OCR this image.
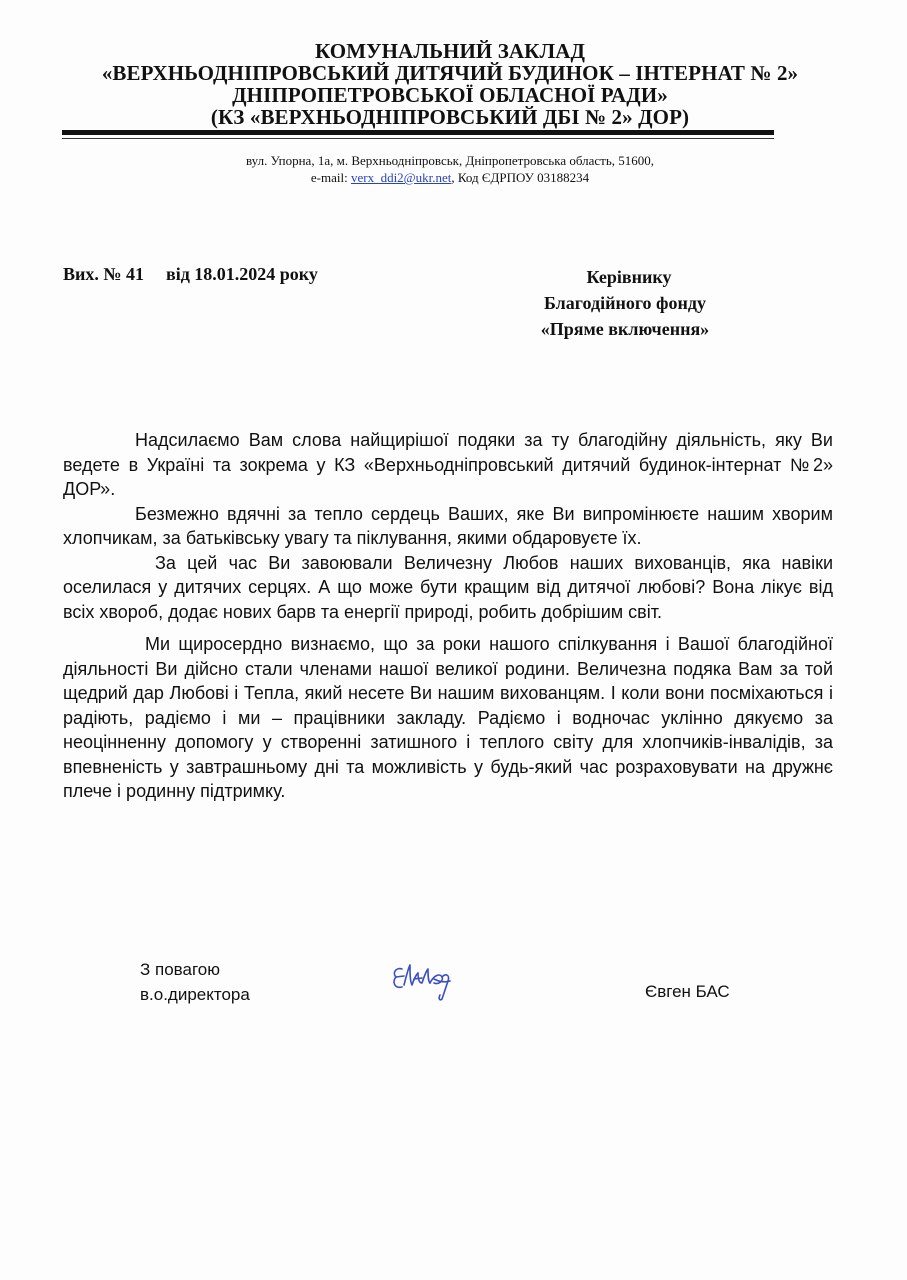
КОМУНАЛЬНИЙ ЗАКЛАД
«ВЕРХНЬОДНІПРОВСЬКИЙ ДИТЯЧИЙ БУДИНОК – ІНТЕРНАТ № 2»
ДНІПРОПЕТРОВСЬКОЇ ОБЛАСНОЇ РАДИ»
(КЗ «ВЕРХНЬОДНІПРОВСЬКИЙ ДБІ № 2» ДОР)
вул. Упорна, 1а, м. Верхньодніпровськ, Дніпропетровська область, 51600,
e-mail: verx_ddi2@ukr.net, Код ЄДРПОУ 03188234
Вих. № 41 від 18.01.2024 року	Керівнику
Благодійного фонду
«Пряме включення»

Надсилаємо Вам слова найщирішої подяки за ту благодійну діяльність, яку Ви ведете в Україні та зокрема у КЗ «Верхньодніпровський дитячий будинок-інтернат №2» ДОР».

Безмежно вдячні за тепло сердець Ваших, яке Ви випромінюєте нашим хворим хлопчикам, за батьківську увагу та піклування, якими обдаровуєте їх.

За цей час Ви завоювали Величезну Любов наших вихованців, яка навіки оселилася у дитячих серцях. А що може бути кращим від дитячої любові? Вона лікує від всіх хвороб, додає нових барв та енергії природі, робить добрішим світ.

Ми щиросердно визнаємо, що за роки нашого спілкування і Вашої благодійної діяльності Ви дійсно стали членами нашої великої родини. Величезна подяка Вам за той щедрий дар Любові і Тепла, який несете Ви нашим вихованцям. І коли вони посміхаються і радіють, радіємо і ми – працівники закладу. Радіємо і водночас уклінно дякуємо за неоцінненну допомогу у створенні затишного і теплого світу для хлопчиків-інвалідів, за впевненість у завтрашньому дні та можливість у будь-який час розраховувати на дружнє плече і родинну підтримку.

З повагою
в.о.директора	Євген БАС
